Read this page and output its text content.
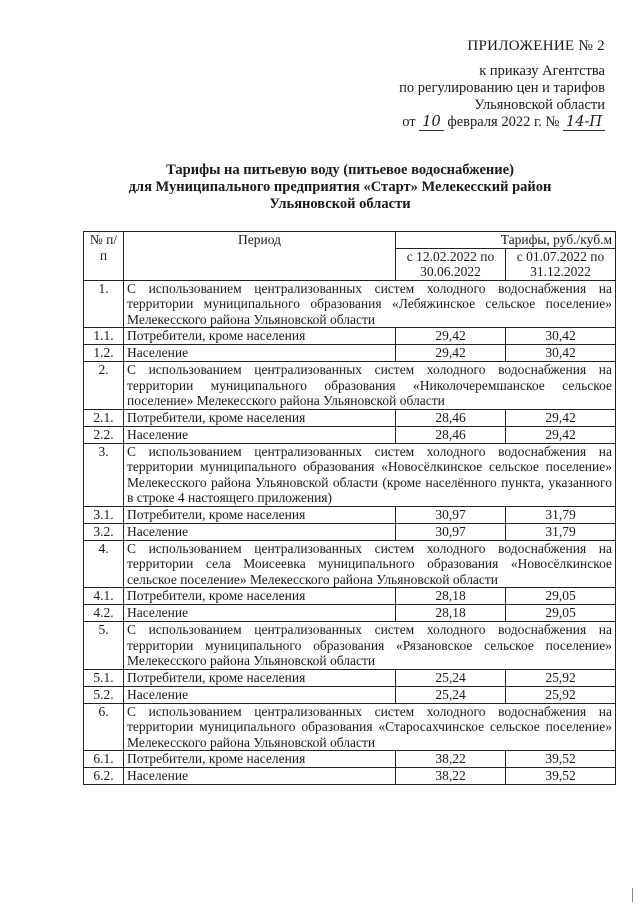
ПРИЛОЖЕНИЕ № 2
к приказу Агентства
по регулированию цен и тарифов
Ульяновской области
от 10 февраля 2022 г. № 14-П
Тарифы на питьевую воду (питьевое водоснабжение)
для Муниципального предприятия «Старт» Мелекесский район
Ульяновской области
№ п/п	Период	Тарифы, руб./куб.м	
		с 12.02.2022 по 30.06.2022	с 01.07.2022 по 31.12.2022
1.	С использованием централизованных систем холодного водоснабжения на территории муниципального образования «Лебяжинское сельское поселение» Мелекесского района Ульяновской области		
1.1.	Потребители, кроме населения	29,42	30,42
1.2.	Население	29,42	30,42
2.	С использованием централизованных систем холодного водоснабжения на территории муниципального образования «Николочеремшанское сельское поселение» Мелекесского района Ульяновской области		
2.1.	Потребители, кроме населения	28,46	29,42
2.2.	Население	28,46	29,42
3.	С использованием централизованных систем холодного водоснабжения на территории муниципального образования «Новосёлкинское сельское поселение» Мелекесского района Ульяновской области (кроме населённого пункта, указанного в строке 4 настоящего приложения)		
3.1.	Потребители, кроме населения	30,97	31,79
3.2.	Население	30,97	31,79
4.	С использованием централизованных систем холодного водоснабжения на территории села Моисеевка муниципального образования «Новосёлкинское сельское поселение» Мелекесского района Ульяновской области		
4.1.	Потребители, кроме населения	28,18	29,05
4.2.	Население	28,18	29,05
5.	С использованием централизованных систем холодного водоснабжения на территории муниципального образования «Рязановское сельское поселение» Мелекесского района Ульяновской области		
5.1.	Потребители, кроме населения	25,24	25,92
5.2.	Население	25,24	25,92
6.	С использованием централизованных систем холодного водоснабжения на территории муниципального образования «Старосахчинское сельское поселение» Мелекесского района Ульяновской области		
6.1.	Потребители, кроме населения	38,22	39,52
6.2.	Население	38,22	39,52
